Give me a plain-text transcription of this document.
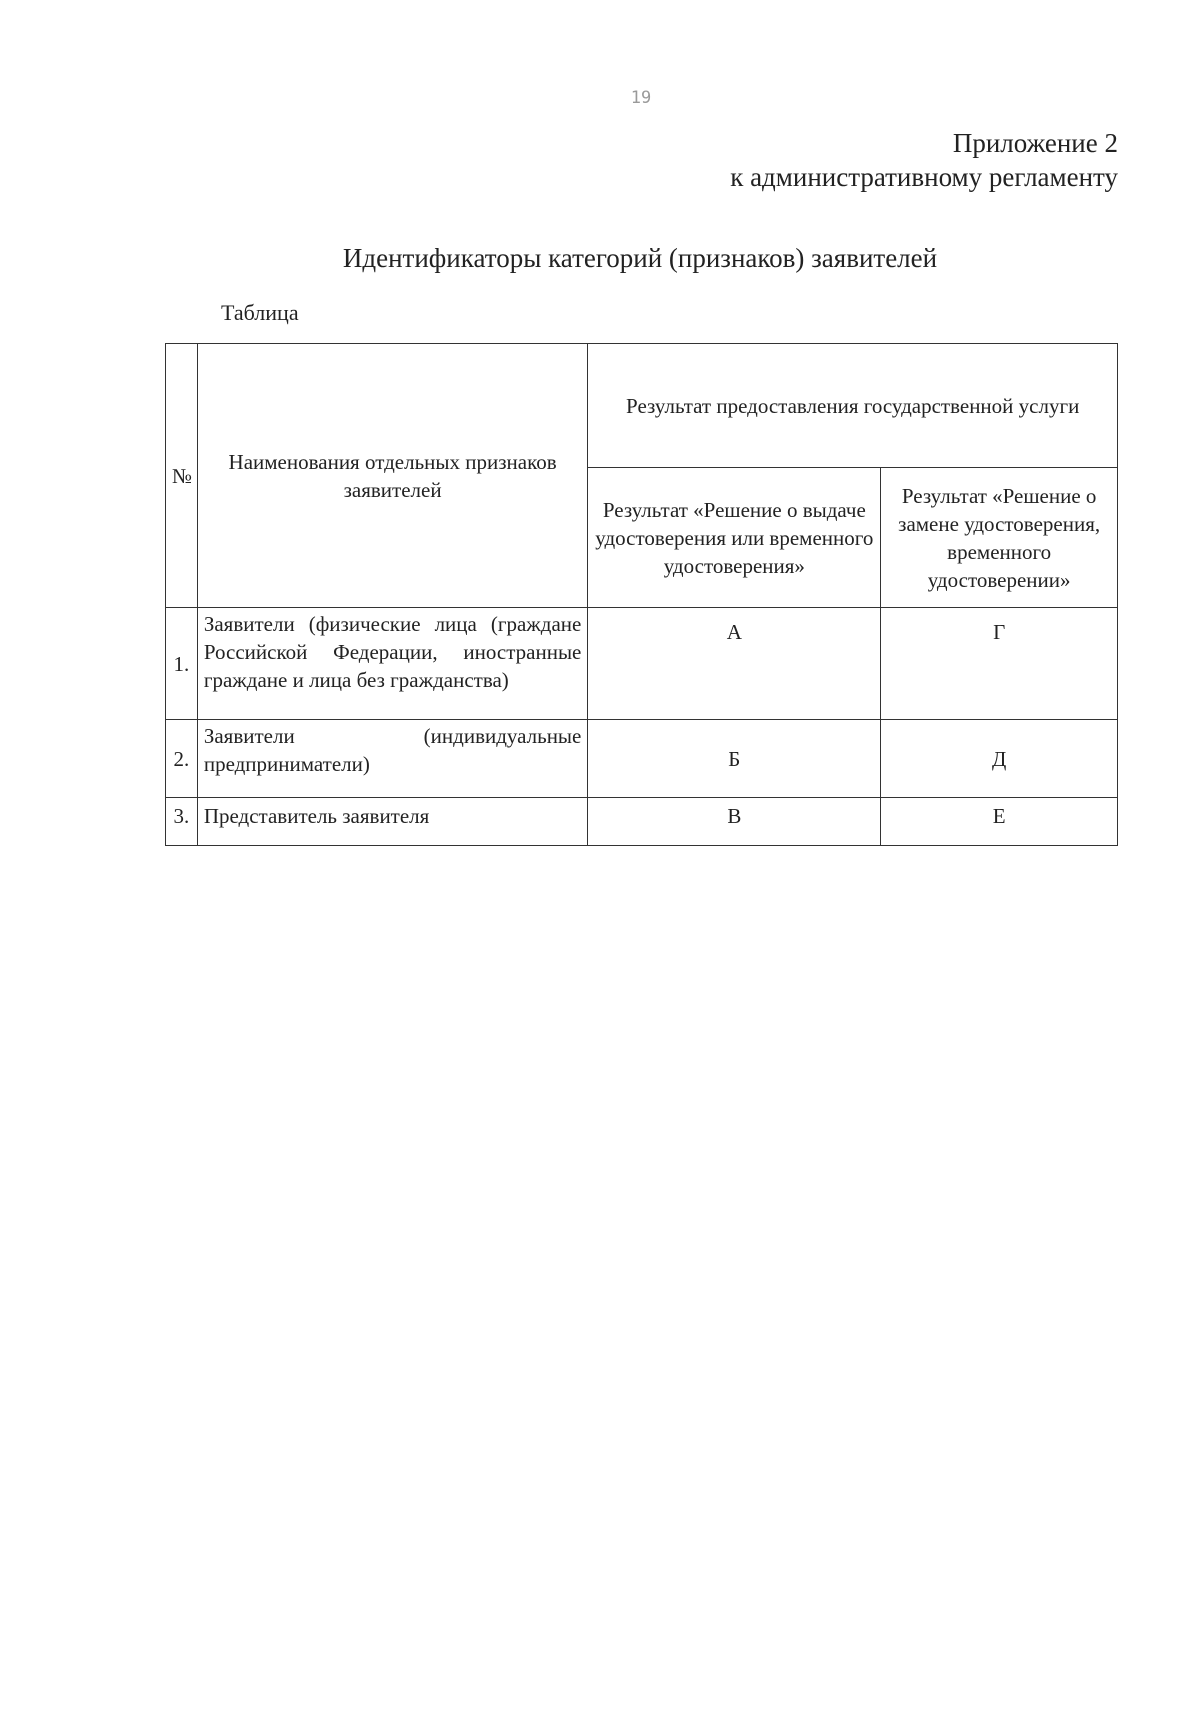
19
Приложение 2
к административному регламенту
Идентификаторы категорий (признаков) заявителей
Таблица
№	Наименования отдельных признаков заявителей	Результат предоставления государственной услуги	
		Результат «Решение о выдаче удостоверения или временного удостоверения»	Результат «Решение о замене удостоверения, временного удостоверении»
1.	Заявители (физические лица (граждане Российской Федерации, иностранные граждане и лица без гражданства)	А	Г
2.	Заявители (индивидуальные предприниматели)	Б	Д
3.	Представитель заявителя	В	Е
